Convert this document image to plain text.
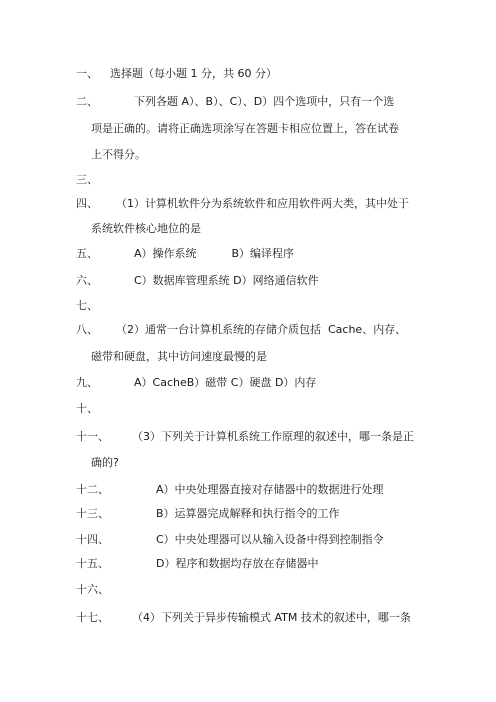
一、 选择题（每小题 1 分，共 60 分）
二、	下列各题 A）、B）、C）、D）四个选项中，只有一个选
项是正确的。请将正确选项涂写在答题卡相应位置上，答在试卷
上不得分。
三、
四、 （1）计算机软件分为系统软件和应用软件两大类，其中处于
系统软件核心地位的是
五、	A）操作系统          B）编译程序
六、	C）数据库管理系统 D）网络通信软件
七、
八、 （2）通常一台计算机系统的存储介质包括  Cache、内存、
磁带和硬盘，其中访问速度最慢的是
九、	A）CacheB）磁带 C）硬盘 D）内存
十、
十一、 （3）下列关于计算机系统工作原理的叙述中，哪一条是正
确的?
十二、	A）中央处理器直接对存储器中的数据进行处理
十三、	B）运算器完成解释和执行指令的工作
十四、	C）中央处理器可以从输入设备中得到控制指令
十五、	D）程序和数据均存放在存储器中
十六、
十七、 （4）下列关于异步传输模式 ATM 技术的叙述中，哪一条
